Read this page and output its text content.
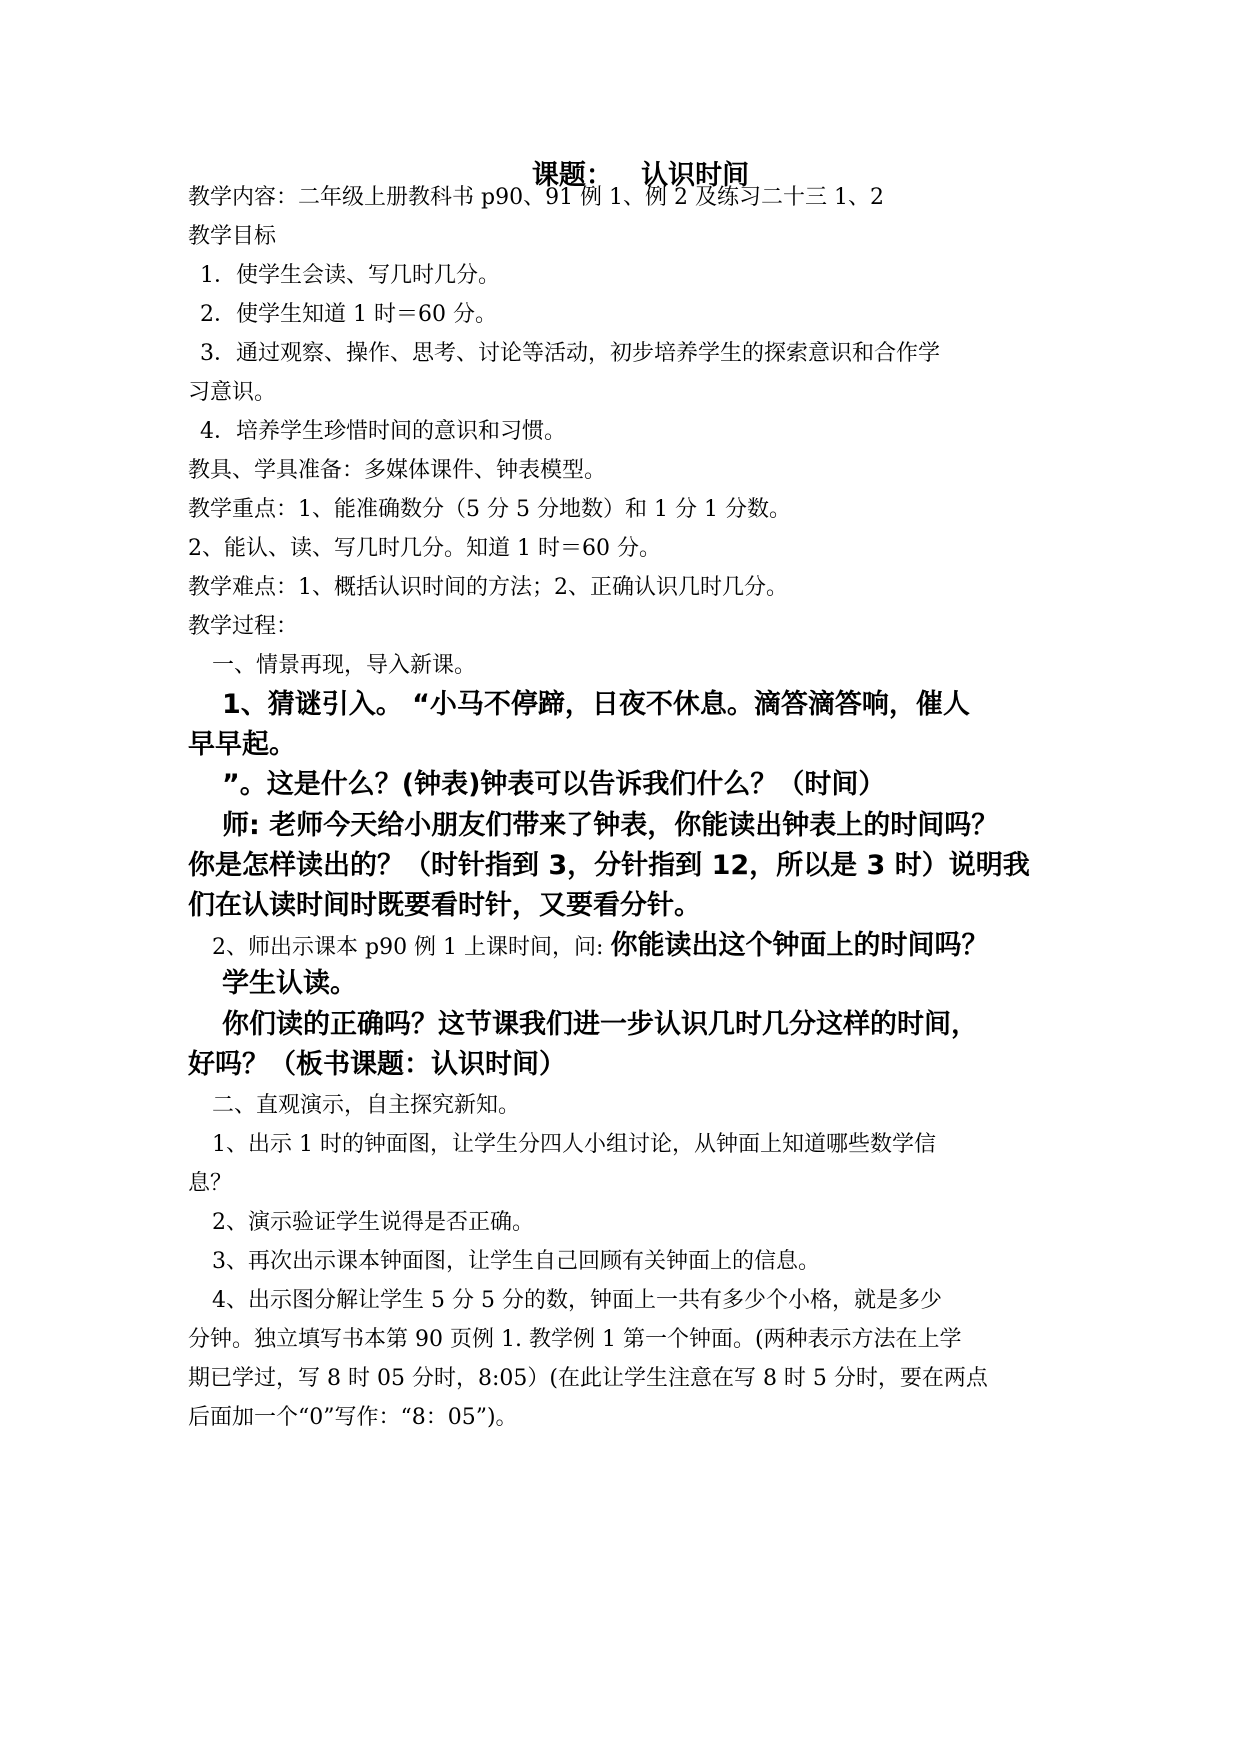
课题：   认识时间

教学内容：二年级上册教科书 p90、91 例 1、例 2 及练习二十三 1、2

教学目标

1．使学生会读、写几时几分。

2．使学生知道 1 时＝60 分。

3．通过观察、操作、思考、讨论等活动，初步培养学生的探索意识和合作学

习意识。

4．培养学生珍惜时间的意识和习惯。

教具、学具准备：多媒体课件、钟表模型。

教学重点：1、能准确数分（5 分 5 分地数）和 1 分 1 分数。

2、能认、读、写几时几分。知道 1 时＝60 分。

教学难点：1、概括认识时间的方法；2、正确认识几时几分。

教学过程：

一、情景再现，导入新课。

1、猜谜引入。 “小马不停蹄，日夜不休息。滴答滴答响，催人

早早起。

”。这是什么？(钟表)钟表可以告诉我们什么？（时间）

师: 老师今天给小朋友们带来了钟表，你能读出钟表上的时间吗？

你是怎样读出的？（时针指到 3，分针指到 12，所以是 3 时）说明我

们在认读时间时既要看时针，又要看分针。

2、师出示课本 p90 例 1 上课时间，问: 你能读出这个钟面上的时间吗？

学生认读。

你们读的正确吗？这节课我们进一步认识几时几分这样的时间，

好吗？（板书课题：认识时间）

二、直观演示，自主探究新知。

1、出示 1 时的钟面图，让学生分四人小组讨论，从钟面上知道哪些数学信

息？

2、演示验证学生说得是否正确。

3、再次出示课本钟面图，让学生自己回顾有关钟面上的信息。

4、出示图分解让学生 5 分 5 分的数，钟面上一共有多少个小格，就是多少

分钟。独立填写书本第 90 页例 1. 教学例 1 第一个钟面。(两种表示方法在上学

期已学过，写 8 时 05 分时，8:05）(在此让学生注意在写 8 时 5 分时，要在两点

后面加一个“0”写作：“8：05”)。
